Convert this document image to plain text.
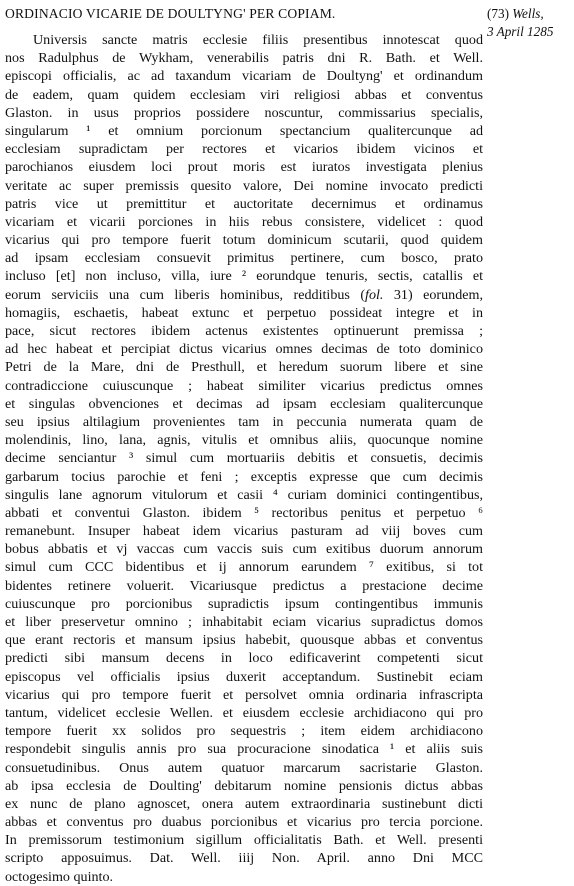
ORDINACIO VICARIE DE DOULTYNG' PER COPIAM.	(73) Wells,
3 April 1285
Universis sancte matris ecclesie filiis presentibus innotescat quod
nos Radulphus de Wykham, venerabilis patris dni R. Bath. et Well.
episcopi officialis, ac ad taxandum vicariam de Doultyng' et ordinandum
de eadem, quam quidem ecclesiam viri religiosi abbas et conventus
Glaston. in usus proprios possidere noscuntur, commissarius specialis,
singularum ¹ et omnium porcionum spectancium qualitercunque ad
ecclesiam supradictam per rectores et vicarios ibidem vicinos et
parochianos eiusdem loci prout moris est iuratos investigata plenius
veritate ac super premissis quesito valore, Dei nomine invocato predicti
patris vice ut premittitur et auctoritate decernimus et ordinamus
vicariam et vicarii porciones in hiis rebus consistere, videlicet : quod
vicarius qui pro tempore fuerit totum dominicum scutarii, quod quidem
ad ipsam ecclesiam consuevit primitus pertinere, cum bosco, prato
incluso [et] non incluso, villa, iure ² eorundque tenuris, sectis, catallis et
eorum serviciis una cum liberis hominibus, redditibus (fol. 31) eorundem,
homagiis, eschaetis, habeat extunc et perpetuo possideat integre et in
pace, sicut rectores ibidem actenus existentes optinuerunt premissa ;
ad hec habeat et percipiat dictus vicarius omnes decimas de toto dominico
Petri de la Mare, dni de Presthull, et heredum suorum libere et sine
contradiccione cuiuscunque ; habeat similiter vicarius predictus omnes
et singulas obvenciones et decimas ad ipsam ecclesiam qualitercunque
seu ipsius altilagium provenientes tam in peccunia numerata quam de
molendinis, lino, lana, agnis, vitulis et omnibus aliis, quocunque nomine
decime senciantur ³ simul cum mortuariis debitis et consuetis, decimis
garbarum tocius parochie et feni ; exceptis expresse que cum decimis
singulis lane agnorum vitulorum et casii ⁴ curiam dominici contingentibus,
abbati et conventui Glaston. ibidem ⁵ rectoribus penitus et perpetuo ⁶
remanebunt. Insuper habeat idem vicarius pasturam ad viij boves cum
bobus abbatis et vj vaccas cum vaccis suis cum exitibus duorum annorum
simul cum CCC bidentibus et ij annorum earundem ⁷ exitibus, si tot
bidentes retinere voluerit. Vicariusque predictus a prestacione decime
cuiuscunque pro porcionibus supradictis ipsum contingentibus immunis
et liber preservetur omnino ; inhabitabit eciam vicarius supradictus domos
que erant rectoris et mansum ipsius habebit, quousque abbas et conventus
predicti sibi mansum decens in loco edificaverint competenti sicut
episcopus vel officialis ipsius duxerit acceptandum. Sustinebit eciam
vicarius qui pro tempore fuerit et persolvet omnia ordinaria infrascripta
tantum, videlicet ecclesie Wellen. et eiusdem ecclesie archidiacono qui pro
tempore fuerit xx solidos pro sequestris ; item eidem archidiacono
respondebit singulis annis pro sua procuracione sinodatica ¹ et aliis suis
consuetudinibus. Onus autem quatuor marcarum sacristarie Glaston.
ab ipsa ecclesia de Doulting' debitarum nomine pensionis dictus abbas
ex nunc de plano agnoscet, onera autem extraordinaria sustinebunt dicti
abbas et conventus pro duabus porcionibus et vicarius pro tercia porcione.
In premissorum testimonium sigillum officialitatis Bath. et Well. presenti
scripto apposuimus. Dat. Well. iiij Non. April. anno Dni MCC
octogesimo quinto.
